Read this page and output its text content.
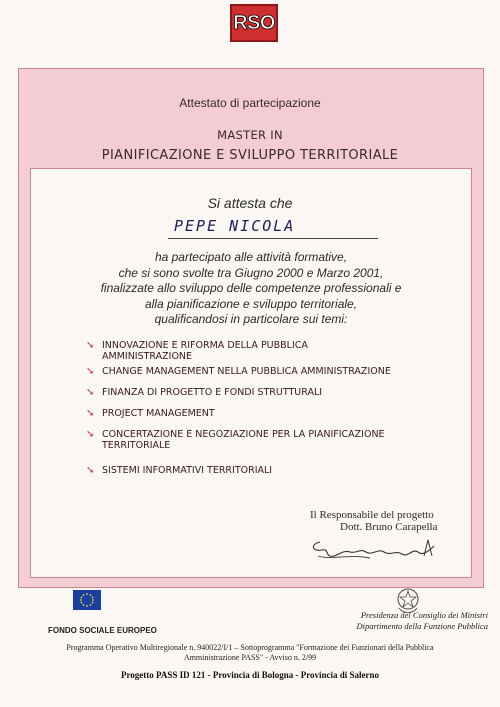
RSO
Attestato di partecipazione
MASTER IN
PIANIFICAZIONE E SVILUPPO TERRITORIALE
Si attesta che
PEPE NICOLA
ha partecipato alle attività formative,
che si sono svolte tra Giugno 2000 e Marzo 2001,
finalizzate allo sviluppo delle competenze professionali e
alla pianificazione e sviluppo territoriale,
qualificandosi in particolare sui temi:
➘ INNOVAZIONE E RIFORMA DELLA PUBBLICA
AMMINISTRAZIONE
➘ CHANGE MANAGEMENT NELLA PUBBLICA AMMINISTRAZIONE
➘ FINANZA DI PROGETTO E FONDI STRUTTURALI
➘ PROJECT MANAGEMENT
➘ CONCERTAZIONE E NEGOZIAZIONE PER LA PIANIFICAZIONE
TERRITORIALE
➘ SISTEMI INFORMATIVI TERRITORIALI
Il Responsabile del progetto
Dott. Bruno Carapella
FONDO SOCIALE EUROPEO
Presidenza del Consiglio dei Ministri
Dipartimento della Funzione Pubblica
Programma Operativo Multiregionale n. 940022/I/1 – Sottoprogramma "Formazione dei Funzionari della Pubblica
Amministrazione PASS" - Avviso n. 2/99
Progetto PASS ID 121 - Provincia di Bologna - Provincia di Salerno
